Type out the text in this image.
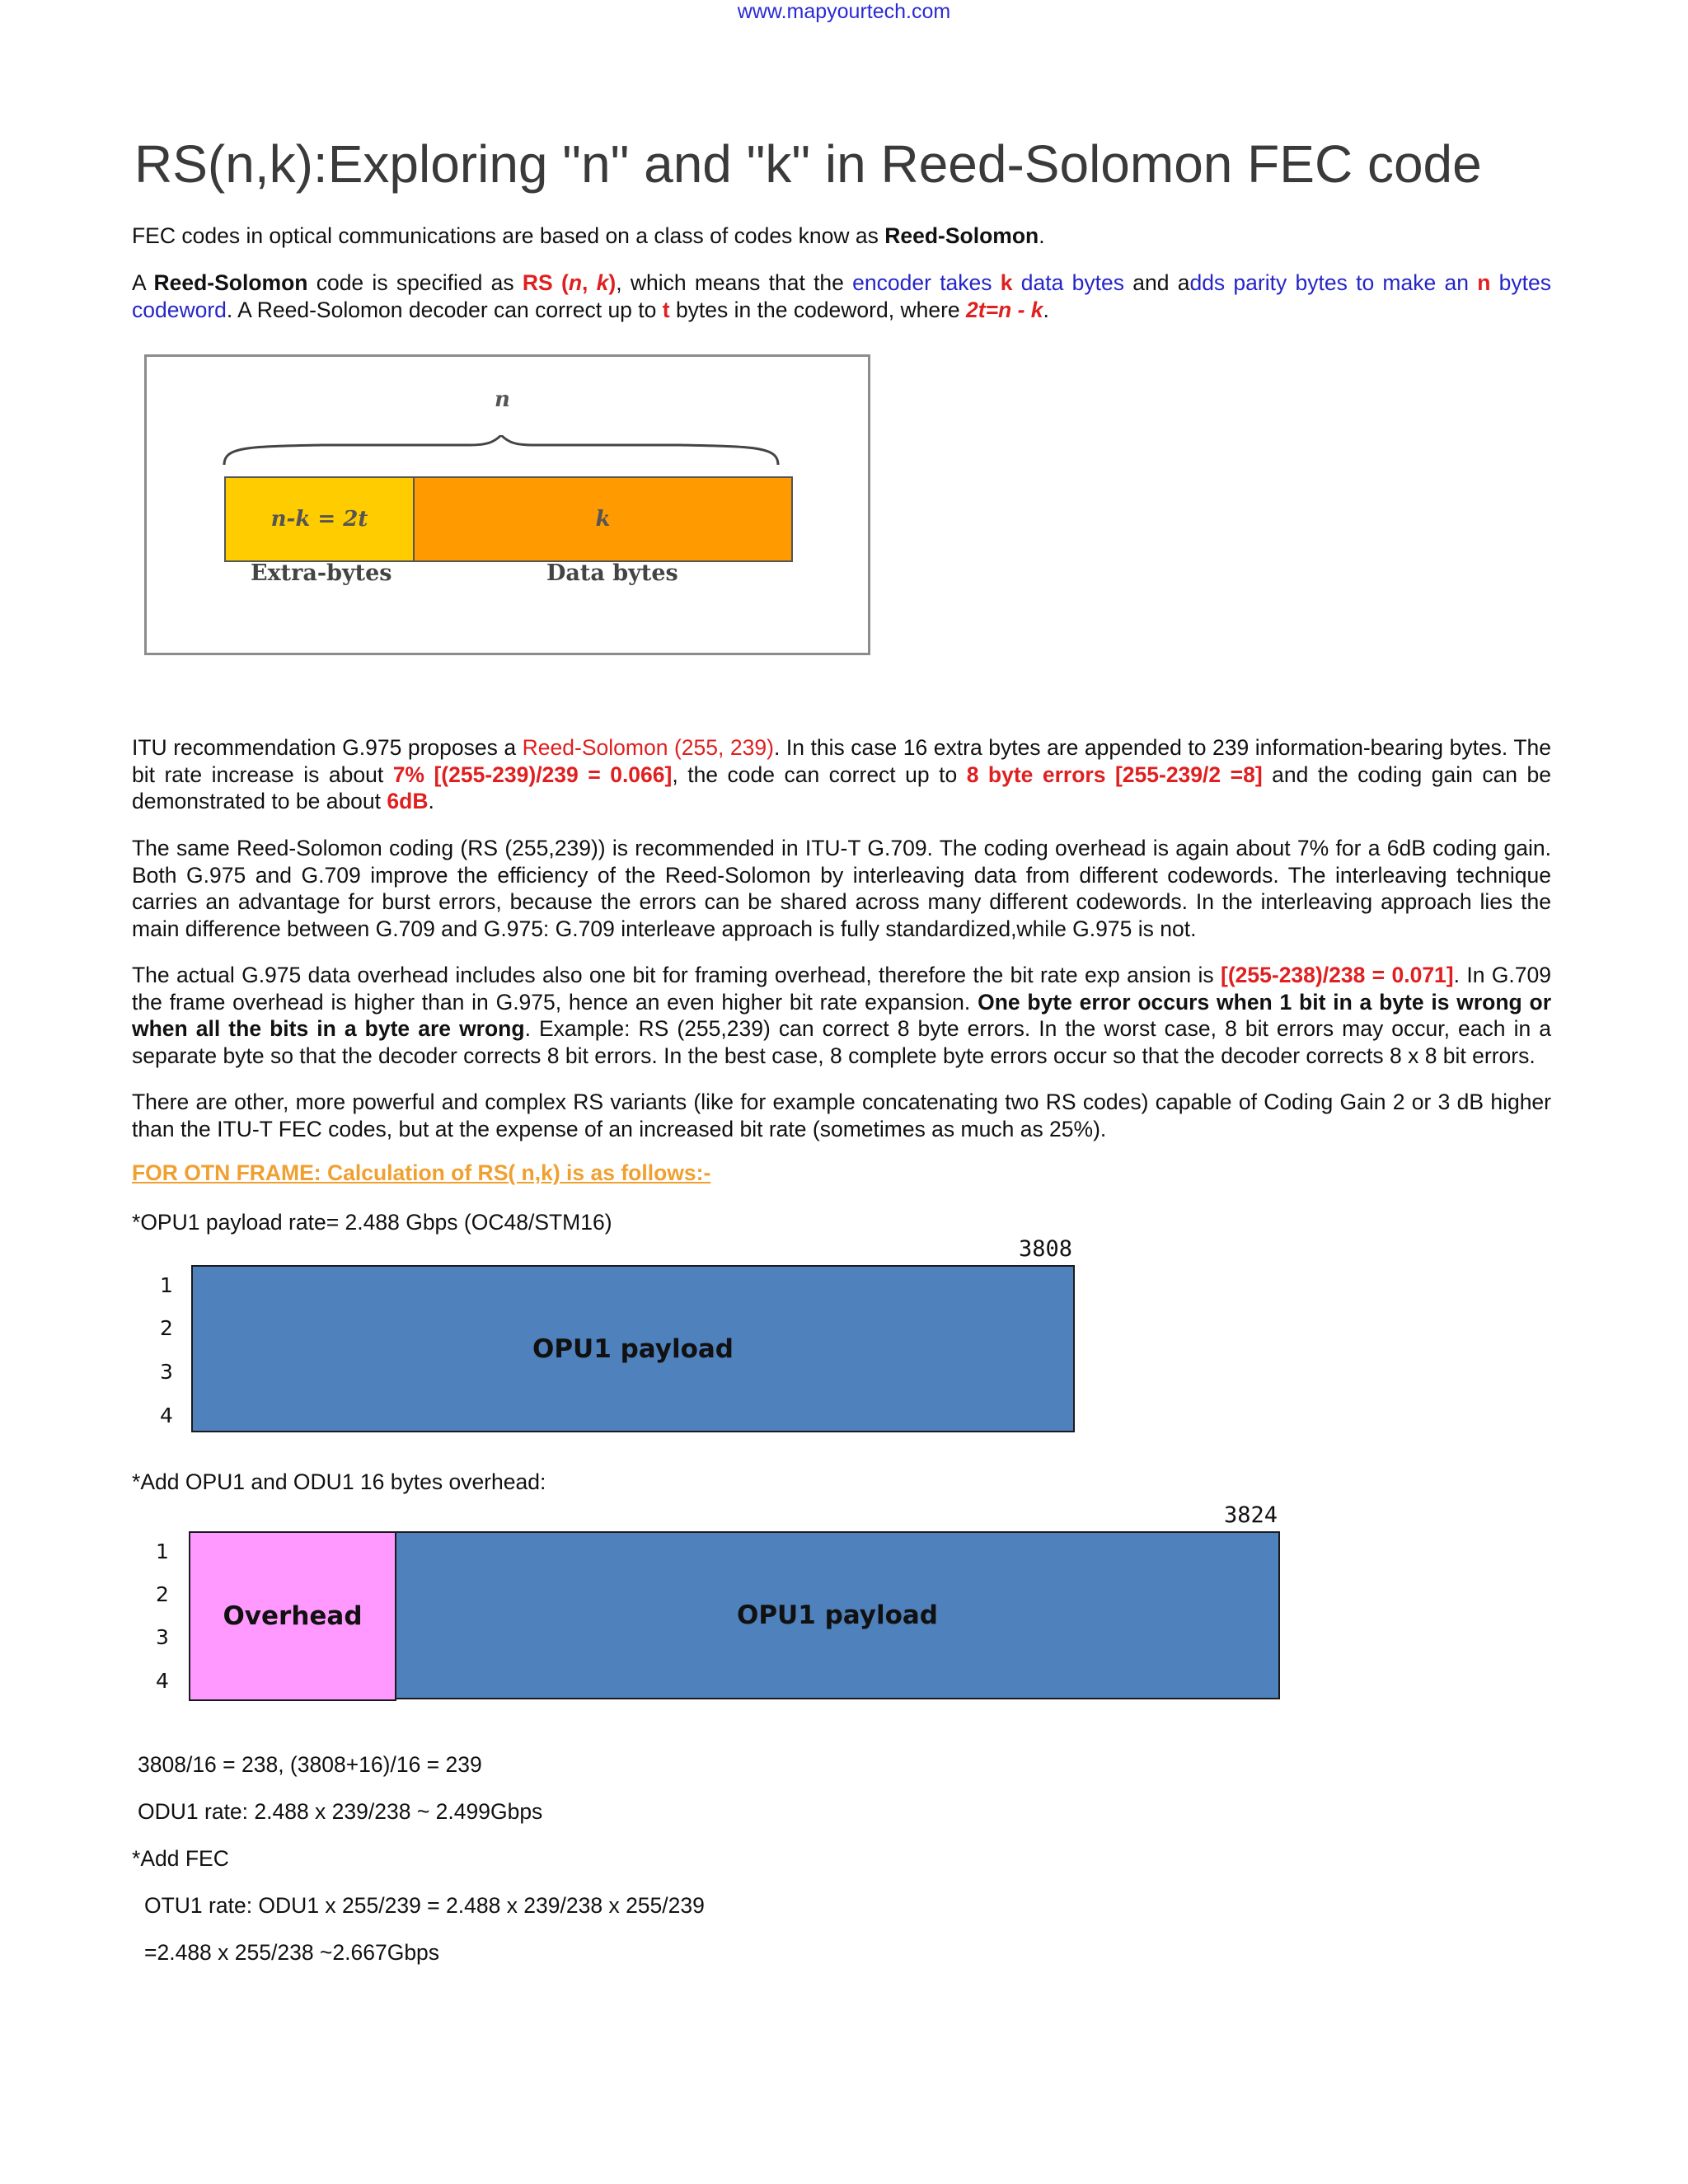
www.mapyourtech.com
RS(n,k):Exploring "n" and "k" in Reed-Solomon FEC code

FEC codes in optical communications are based on a class of codes know as Reed-Solomon.

A Reed-Solomon code is specified as RS (n, k), which means that the encoder takes k data bytes and adds parity bytes to make an n bytes codeword. A Reed-Solomon decoder can correct up to t bytes in the codeword, where 2t=n - k.

n
n-k = 2t	k
Extra-bytes	Data bytes

ITU recommendation G.975 proposes a Reed-Solomon (255, 239). In this case 16 extra bytes are appended to 239 information-bearing bytes. The bit rate increase is about 7% [(255-239)/239 = 0.066], the code can correct up to 8 byte errors [255-239/2 =8] and the coding gain can be demonstrated to be about 6dB.

The same Reed-Solomon coding (RS (255,239)) is recommended in ITU-T G.709. The coding overhead is again about 7% for a 6dB coding gain. Both G.975 and G.709 improve the efficiency of the Reed-Solomon by interleaving data from different codewords. The interleaving technique carries an advantage for burst errors, because the errors can be shared across many different codewords. In the interleaving approach lies the main difference between G.709 and G.975: G.709 interleave approach is fully standardized,while G.975 is not.

The actual G.975 data overhead includes also one bit for framing overhead, therefore the bit rate exp ansion is [(255-238)/238 = 0.071]. In G.709 the frame overhead is higher than in G.975, hence an even higher bit rate expansion. One byte error occurs when 1 bit in a byte is wrong or when all the bits in a byte are wrong. Example: RS (255,239) can correct 8 byte errors. In the worst case, 8 bit errors may occur, each in a separate byte so that the decoder corrects 8 bit errors. In the best case, 8 complete byte errors occur so that the decoder corrects 8 x 8 bit errors.

There are other, more powerful and complex RS variants (like for example concatenating two RS codes) capable of Coding Gain 2 or 3 dB higher than the ITU-T FEC codes, but at the expense of an increased bit rate (sometimes as much as 25%).

FOR OTN FRAME: Calculation of RS( n,k) is as follows:-

*OPU1 payload rate= 2.488 Gbps (OC48/STM16)

3808
1
2
3
4
OPU1 payload

*Add OPU1 and ODU1 16 bytes overhead:

3824
1
2
3
4
Overhead	OPU1 payload

3808/16 = 238, (3808+16)/16 = 239

ODU1 rate: 2.488 x 239/238 ~ 2.499Gbps

*Add FEC

OTU1 rate: ODU1 x 255/239 = 2.488 x 239/238 x 255/239

=2.488 x 255/238 ~2.667Gbps
